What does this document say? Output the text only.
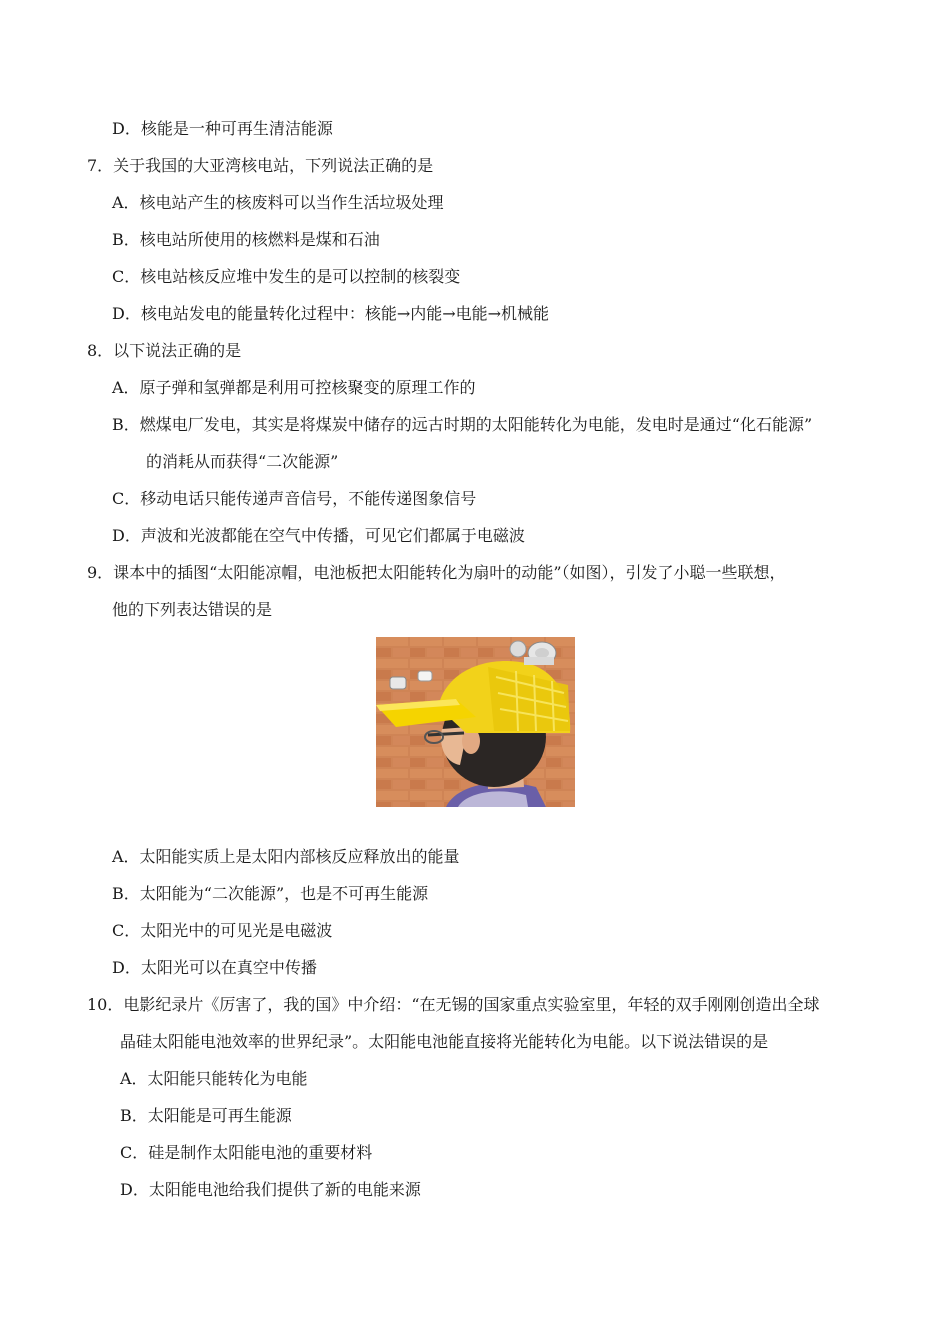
D．核能是一种可再生清洁能源
7．关于我国的大亚湾核电站，下列说法正确的是
A．核电站产生的核废料可以当作生活垃圾处理
B．核电站所使用的核燃料是煤和石油
C．核电站核反应堆中发生的是可以控制的核裂变
D．核电站发电的能量转化过程中：核能→内能→电能→机械能
8．以下说法正确的是
A．原子弹和氢弹都是利用可控核聚变的原理工作的
B．燃煤电厂发电，其实是将煤炭中储存的远古时期的太阳能转化为电能，发电时是通过“化石能源”
的消耗从而获得“二次能源”
C．移动电话只能传递声音信号，不能传递图象信号
D．声波和光波都能在空气中传播，可见它们都属于电磁波
9．课本中的插图“太阳能凉帽，电池板把太阳能转化为扇叶的动能”（如图），引发了小聪一些联想，
他的下列表达错误的是
A．太阳能实质上是太阳内部核反应释放出的能量
B．太阳能为“二次能源”，也是不可再生能源
C．太阳光中的可见光是电磁波
D．太阳光可以在真空中传播
10．电影纪录片《厉害了，我的国》中介绍：“在无锡的国家重点实验室里，年轻的双手刚刚创造出全球
晶硅太阳能电池效率的世界纪录”。太阳能电池能直接将光能转化为电能。以下说法错误的是
A．太阳能只能转化为电能
B．太阳能是可再生能源
C．硅是制作太阳能电池的重要材料
D．太阳能电池给我们提供了新的电能来源
